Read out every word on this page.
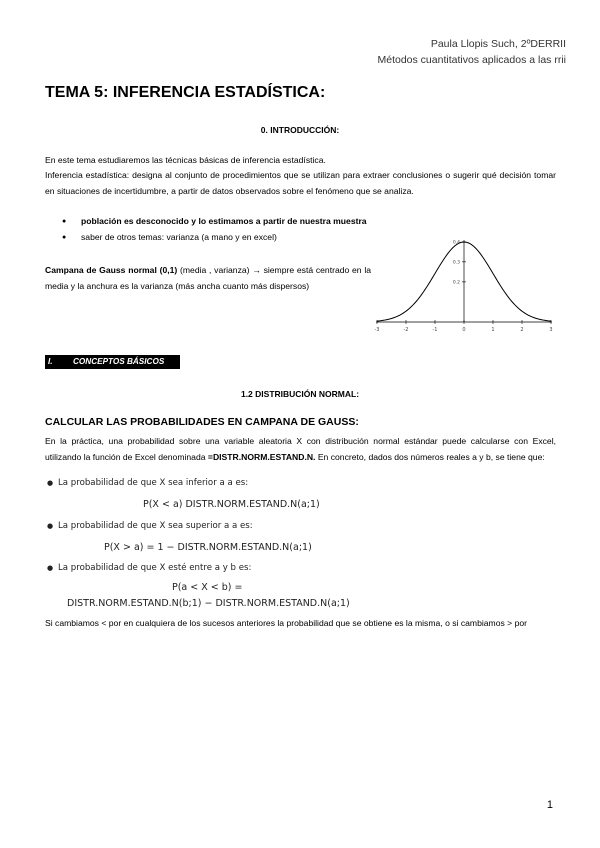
Paula Llopis Such, 2ºDERRII
Métodos cuantitativos aplicados a las rrii
TEMA 5: INFERENCIA ESTADÍSTICA:
0. INTRODUCCIÓN:
En este tema estudiaremos las técnicas básicas de inferencia estadística.
Inferencia estadística: designa al conjunto de procedimientos que se utilizan para extraer conclusiones o sugerir qué decisión tomar en situaciones de incertidumbre, a partir de datos observados sobre el fenómeno que se analiza.
● población es desconocido y lo estimamos a partir de nuestra muestra
● saber de otros temas: varianza (a mano y en excel)
Campana de Gauss normal (0,1) (media , varianza) → siempre está centrado en la media y la anchura es la varianza (más ancha cuanto más dispersos)
-3	-2	-1	0	1	2	3
0.4
0.3
0.2
I. CONCEPTOS BÁSICOS
1.2 DISTRIBUCIÓN NORMAL:
CALCULAR LAS PROBABILIDADES EN CAMPANA DE GAUSS:
En la práctica, una probabilidad sobre una variable aleatoria X con distribución normal estándar puede calcularse con Excel, utilizando la función de Excel denominada =DISTR.NORM.ESTAND.N. En concreto, dados dos números reales a y b, se tiene que:
● La probabilidad de que X sea inferior a a es:
P(X < a) DISTR.NORM.ESTAND.N(a;1)
● La probabilidad de que X sea superior a a es:
P(X > a) = 1 − DISTR.NORM.ESTAND.N(a;1)
● La probabilidad de que X esté entre a y b es:
P(a < X < b) =
DISTR.NORM.ESTAND.N(b;1) − DISTR.NORM.ESTAND.N(a;1)
Si cambiamos < por en cualquiera de los sucesos anteriores la probabilidad que se obtiene es la misma, o si cambiamos > por
1
